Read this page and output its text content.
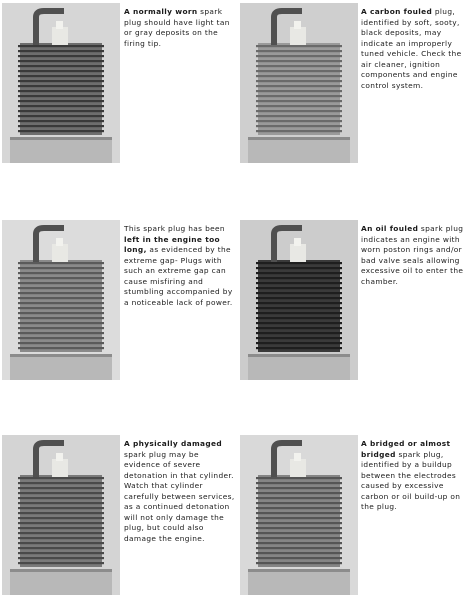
A normally worn spark plug should have light tan or gray deposits on the firing tip.
A carbon fouled plug, identified by soft, sooty, black deposits, may indicate an improperly tuned vehicle. Check the air cleaner, ignition components and engine control system.
This spark plug has been left in the engine too long, as evidenced by the extreme gap- Plugs with such an extreme gap can cause misfiring and stumbling accompanied by a noticeable lack of power.
An oil fouled spark plug indicates an engine with worn poston rings and/or bad valve seals allowing excessive oil to enter the chamber.
A physically damaged spark plug may be evidence of severe detonation in that cylinder. Watch that cylinder carefully between services, as a continued detonation will not only damage the plug, but could also damage the engine.
A bridged or almost bridged spark plug, identified by a buildup between the electrodes caused by excessive carbon or oil build-up on the plug.
